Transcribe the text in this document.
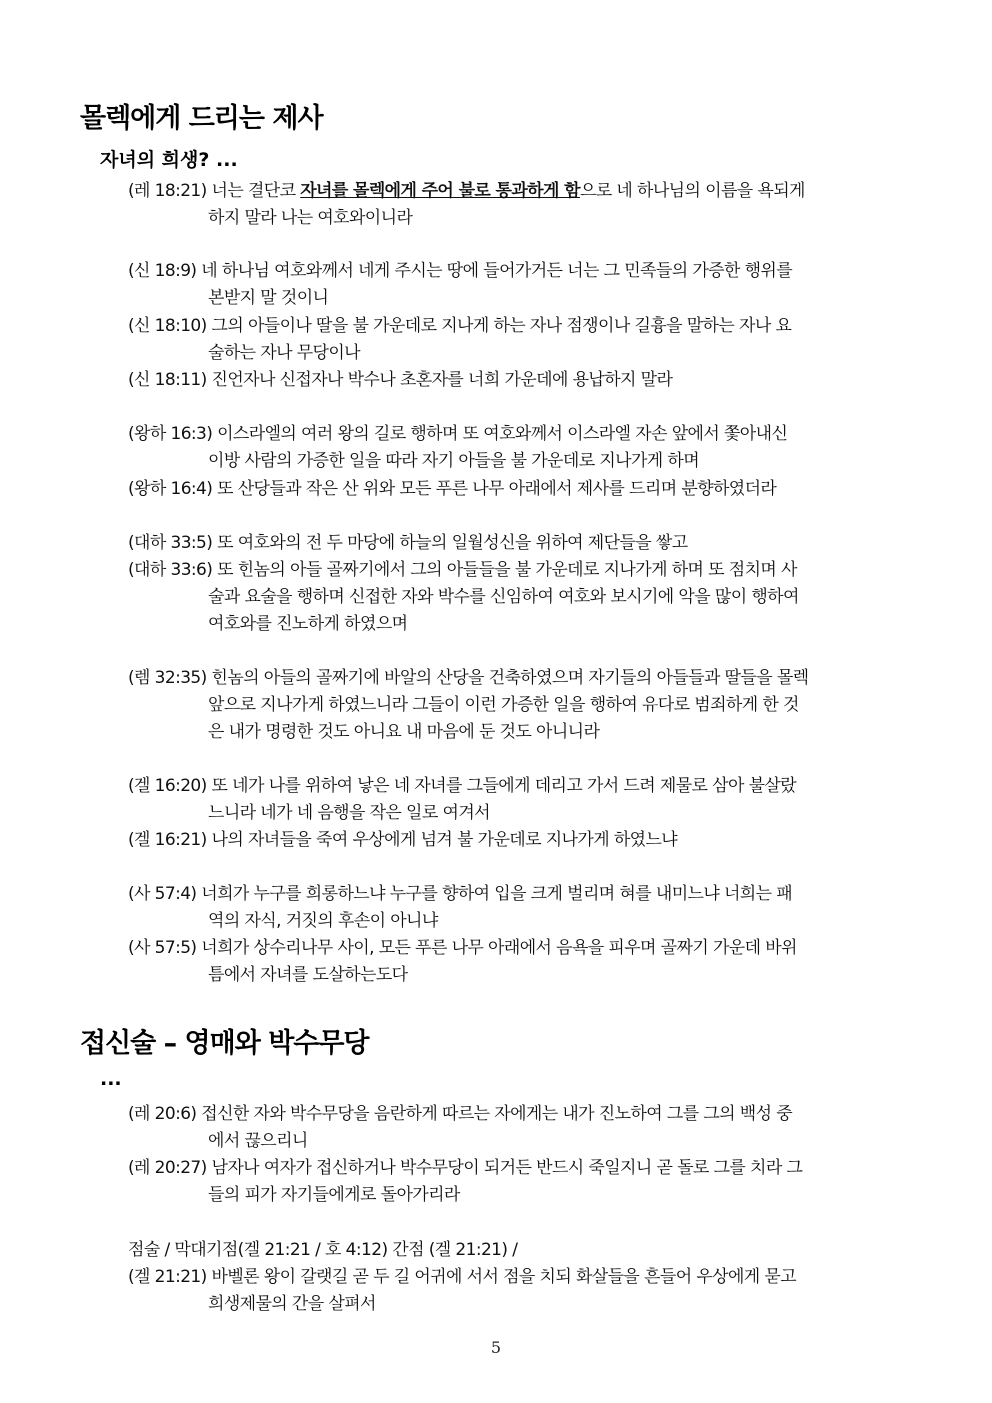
몰렉에게 드리는 제사
자녀의 희생? ...
(레 18:21) 너는 결단코 자녀를 몰렉에게 주어 불로 통과하게 함으로 네 하나님의 이름을 욕되게
하지 말라 나는 여호와이니라
(신 18:9) 네 하나님 여호와께서 네게 주시는 땅에 들어가거든 너는 그 민족들의 가증한 행위를
본받지 말 것이니
(신 18:10) 그의 아들이나 딸을 불 가운데로 지나게 하는 자나 점쟁이나 길흉을 말하는 자나 요
술하는 자나 무당이나
(신 18:11) 진언자나 신접자나 박수나 초혼자를 너희 가운데에 용납하지 말라
(왕하 16:3) 이스라엘의 여러 왕의 길로 행하며 또 여호와께서 이스라엘 자손 앞에서 쫓아내신
이방 사람의 가증한 일을 따라 자기 아들을 불 가운데로 지나가게 하며
(왕하 16:4) 또 산당들과 작은 산 위와 모든 푸른 나무 아래에서 제사를 드리며 분향하였더라
(대하 33:5) 또 여호와의 전 두 마당에 하늘의 일월성신을 위하여 제단들을 쌓고
(대하 33:6) 또 힌놈의 아들 골짜기에서 그의 아들들을 불 가운데로 지나가게 하며 또 점치며 사
술과 요술을 행하며 신접한 자와 박수를 신임하여 여호와 보시기에 악을 많이 행하여
여호와를 진노하게 하였으며
(렘 32:35) 힌놈의 아들의 골짜기에 바알의 산당을 건축하였으며 자기들의 아들들과 딸들을 몰렉
앞으로 지나가게 하였느니라 그들이 이런 가증한 일을 행하여 유다로 범죄하게 한 것
은 내가 명령한 것도 아니요 내 마음에 둔 것도 아니니라
(겔 16:20) 또 네가 나를 위하여 낳은 네 자녀를 그들에게 데리고 가서 드려 제물로 삼아 불살랐
느니라 네가 네 음행을 작은 일로 여겨서
(겔 16:21) 나의 자녀들을 죽여 우상에게 넘겨 불 가운데로 지나가게 하였느냐
(사 57:4) 너희가 누구를 희롱하느냐 누구를 향하여 입을 크게 벌리며 혀를 내미느냐 너희는 패
역의 자식, 거짓의 후손이 아니냐
(사 57:5) 너희가 상수리나무 사이, 모든 푸른 나무 아래에서 음욕을 피우며 골짜기 가운데 바위
틈에서 자녀를 도살하는도다
접신술 – 영매와 박수무당
...
(레 20:6) 접신한 자와 박수무당을 음란하게 따르는 자에게는 내가 진노하여 그를 그의 백성 중
에서 끊으리니
(레 20:27) 남자나 여자가 접신하거나 박수무당이 되거든 반드시 죽일지니 곧 돌로 그를 치라 그
들의 피가 자기들에게로 돌아가리라
점술 / 막대기점(겔 21:21 / 호 4:12) 간점 (겔 21:21) /
(겔 21:21) 바벨론 왕이 갈랫길 곧 두 길 어귀에 서서 점을 치되 화살들을 흔들어 우상에게 묻고
희생제물의 간을 살펴서
5
